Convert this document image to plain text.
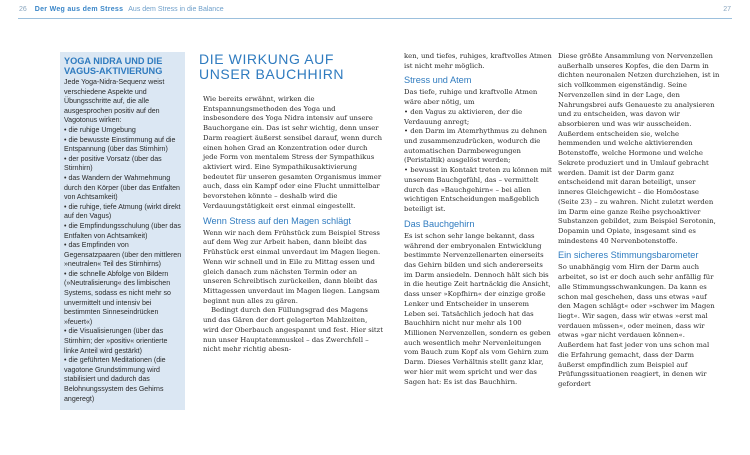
26 Der Weg aus dem Stress Aus dem Stress in die Balance	27
YOGA NIDRA UND DIE VAGUS-AKTIVIERUNG
Jede Yoga-Nidra-Sequenz weist verschiedene Aspekte und Übungsschritte auf, die alle ausgesprochen positiv auf den Vagotonus wirken:
• die ruhige Umgebung
• die bewusste Einstimmung auf die Entspannung (über das Stirnhirn)
• der positive Vorsatz (über das Stirnhirn)
• das Wandern der Wahrnehmung durch den Körper (über das Entfalten von Achtsamkeit)
• die ruhige, tiefe Atmung (wirkt direkt auf den Vagus)
• die Empfindungsschulung (über das Entfalten von Achtsamkeit)
• das Empfinden von Gegensatzpaaren (über den mittleren »neutralen« Teil des Stirnhirns)
• die schnelle Abfolge von Bildern (»Neutralisierung« des limbischen Systems, sodass es nicht mehr so unvermittelt und intensiv bei bestimmten Sinneseindrücken »feuert«)
• die Visualisierungen (über das Stirnhirn; der »positiv« orientierte linke Anteil wird gestärkt)
• die geführten Meditationen (die vagotone Grundstimmung wird stabilisiert und dadurch das Belohnungssystem des Gehirns angeregt)
DIE WIRKUNG AUF UNSER BAUCHHIRN

Wie bereits erwähnt, wirken die Entspannungsmethoden des Yoga und insbesondere des Yoga Nidra intensiv auf unsere Bauchorgane ein. Das ist sehr wichtig, denn unser Darm reagiert äußerst sensibel darauf, wenn durch einen hohen Grad an Konzentration oder durch jede Form von mentalem Stress der Sympathikus aktiviert wird. Eine Sympathikusaktivierung bedeutet für unseren gesamten Organismus immer auch, dass ein Kampf oder eine Flucht unmittelbar bevorstehen könnte – deshalb wird die Verdauungstätigkeit erst einmal eingestellt.

Wenn Stress auf den Magen schlägt

Wenn wir nach dem Frühstück zum Beispiel Stress auf dem Weg zur Arbeit haben, dann bleibt das Frühstück erst einmal unverdaut im Magen liegen. Wenn wir schnell und in Eile zu Mittag essen und gleich danach zum nächsten Termin oder an unseren Schreibtisch zurückeilen, dann bleibt das Mittagessen unverdaut im Magen liegen. Langsam beginnt nun alles zu gären.

Bedingt durch den Füllungsgrad des Magens und das Gären der dort gelagerten Mahlzeiten, wird der Oberbauch angespannt und fest. Hier sitzt nun unser Hauptatemmuskel – das Zwerchfell – nicht mehr richtig abesn-

ken, und tiefes, ruhiges, kraftvolles Atmen ist nicht mehr möglich.

Stress und Atem

Das tiefe, ruhige und kraftvolle Atmen wäre aber nötig, um

• den Vagus zu aktivieren, der die Verdauung anregt;

• den Darm im Atemrhythmus zu dehnen und zusammenzudrücken, wodurch die automatischen Darmbewegungen (Peristaltik) ausgelöst werden;

• bewusst in Kontakt treten zu können mit unserem Bauchgefühl, das – vermittelt durch das »Bauchgehirn« – bei allen wichtigen Entscheidungen maßgeblich beteiligt ist.

Das Bauchgehirn

Es ist schon sehr lange bekannt, dass während der embryonalen Entwicklung bestimmte Nervenzellenarten einerseits das Gehirn bilden und sich andererseits im Darm ansiedeln. Dennoch hält sich bis in die heutige Zeit hartnäckig die Ansicht, dass unser »Kopfhirn« der einzige große Lenker und Entscheider in unserem Leben sei. Tatsächlich jedoch hat das Bauchhirn nicht nur mehr als 100 Millionen Nervenzellen, sondern es geben auch wesentlich mehr Nervenleitungen vom Bauch zum Kopf als vom Gehirn zum Darm. Dieses Verhältnis stellt ganz klar, wer hier mit wem spricht und wer das Sagen hat: Es ist das Bauchhirn.

Diese größte Ansammlung von Nervenzellen außerhalb unseres Kopfes, die den Darm in dichten neuronalen Netzen durchziehen, ist in sich vollkommen eigenständig. Seine Nervenzellen sind in der Lage, den Nahrungsbrei aufs Genaueste zu analysieren und zu entscheiden, was davon wir absorbieren und was wir ausscheiden. Außerdem entscheiden sie, welche hemmenden und welche aktivierenden Botenstoffe, welche Hormone und welche Sekrete produziert und in Umlauf gebracht werden. Damit ist der Darm ganz entscheidend mit daran beteiligt, unser inneres Gleichgewicht – die Homöostase (Seite 23) – zu wahren. Nicht zuletzt werden im Darm eine ganze Reihe psychoaktiver Substanzen gebildet, zum Beispiel Serotonin, Dopamin und Opiate, insgesamt sind es mindestens 40 Nervenbotenstoffe.

Ein sicheres Stimmungsbarometer

So unabhängig vom Hirn der Darm auch arbeitet, so ist er doch auch sehr anfällig für alle Stimmungsschwankungen. Da kann es schon mal geschehen, dass uns etwas »auf den Magen schlägt« oder »schwer im Magen liegt«. Wir sagen, dass wir etwas »erst mal verdauen müssen«, oder meinen, dass wir etwas »gar nicht verdauen können«. Außerdem hat fast jeder von uns schon mal die Erfahrung gemacht, dass der Darm äußerst empfindlich zum Beispiel auf Prüfungssituationen reagiert, in denen wir gefordert
